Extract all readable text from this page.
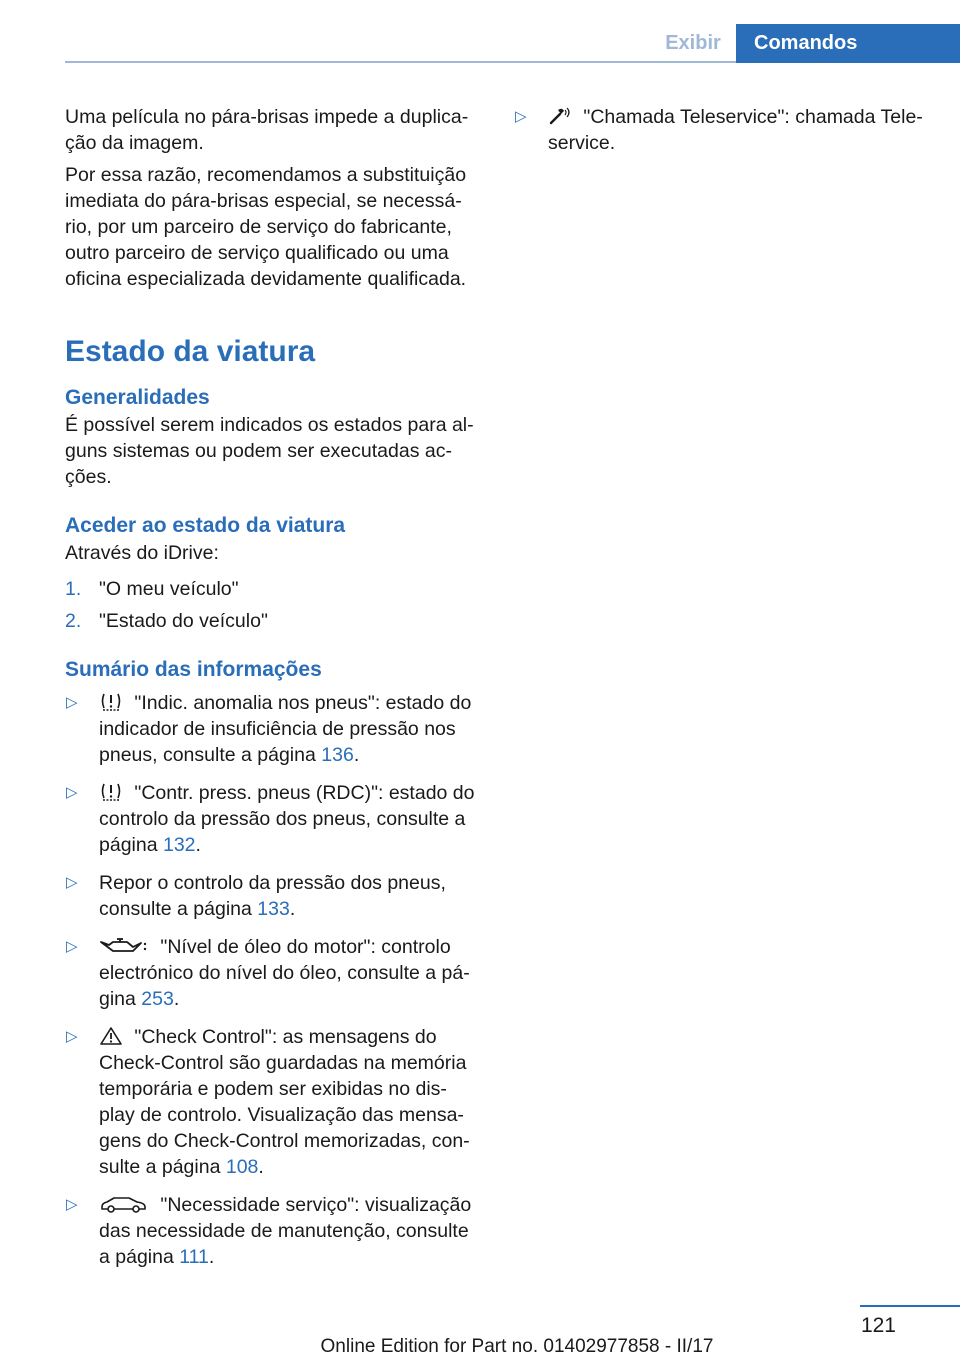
Exibir	Comandos

Uma película no pára-brisas impede a duplica-ção da imagem.

Por essa razão, recomendamos a substituição imediata do pára-brisas especial, se necessá-rio, por um parceiro de serviço do fabricante, outro parceiro de serviço qualificado ou uma oficina especializada devidamente qualificada.

Estado da viatura
Generalidades

É possível serem indicados os estados para al-guns sistemas ou podem ser executadas ac-ções.

Aceder ao estado da viatura

Através do iDrive:

1. "O meu veículo"
2. "Estado do veículo"
Sumário das informações
▷	"Indic. anomalia nos pneus": estado do indicador de insuficiência de pressão nos pneus, consulte a página 136.
▷	"Contr. press. pneus (RDC)": estado do controlo da pressão dos pneus, consulte a página 132.
▷ Repor o controlo da pressão dos pneus, consulte a página 133.
▷	"Nível de óleo do motor": controlo electrónico do nível do óleo, consulte a pá-gina 253.
▷	"Check Control": as mensagens do Check-Control são guardadas na memória temporária e podem ser exibidas no dis-play de controlo. Visualização das mensa-gens do Check-Control memorizadas, con-sulte a página 108.
▷	"Necessidade serviço": visualização das necessidade de manutenção, consulte a página 111.
▷	"Chamada Teleservice": chamada Tele-service.
121
Online Edition for Part no. 01402977858 - II/17
